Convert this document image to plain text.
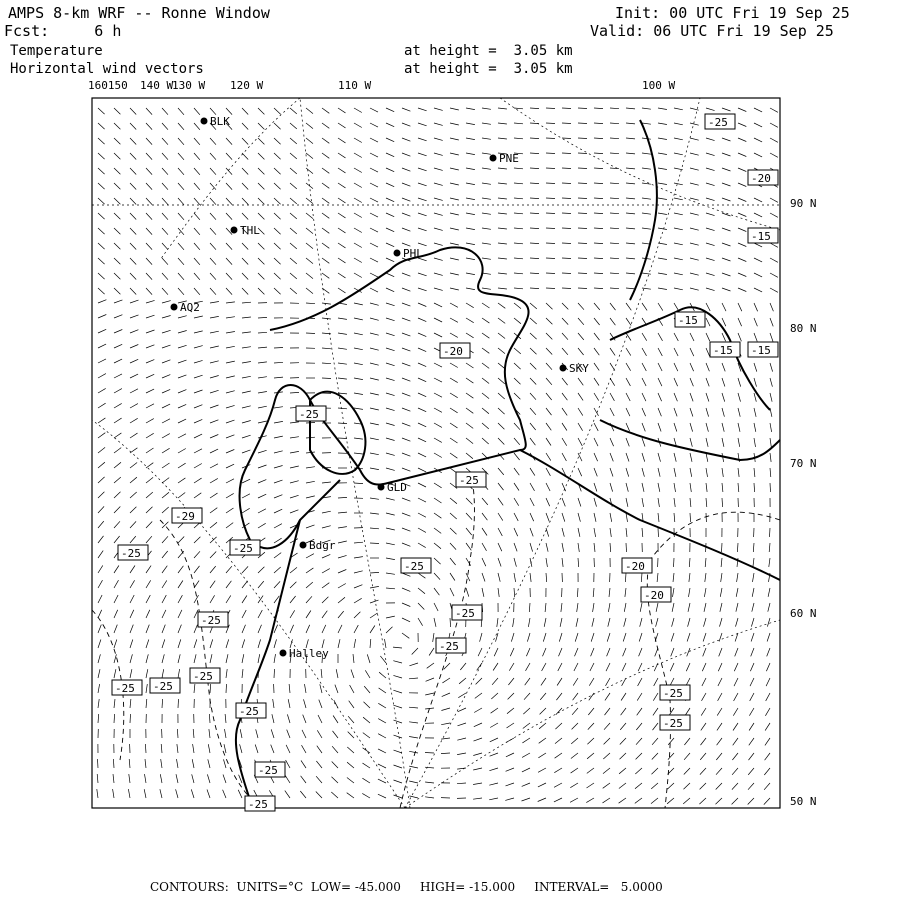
BLK
PNE
THL
PHL
AQ2
SKY
GLD
Bdgr
Halley
-25
-20
-15
-15
-15 -15
-20
-25
-25
-29
-25	-25
-25
-25
-20
-20
-25
-25
-25 -25
-25
-25
-25
-25
-25
-25
AMPS 8-km WRF -- Ronne Window
Fcst:     6 h
Temperature
Horizontal wind vectors
at height =  3.05 km
at height =  3.05 km
Init: 00 UTC Fri 19 Sep 25
Valid: 06 UTC Fri 19 Sep 25
160150 140 W
130 W 120 W	110 W	100 W
90 N
80 N
70 N
60 N
50 N
CONTOURS:  UNITS=°C  LOW= -45.000     HIGH= -15.000     INTERVAL=   5.0000
